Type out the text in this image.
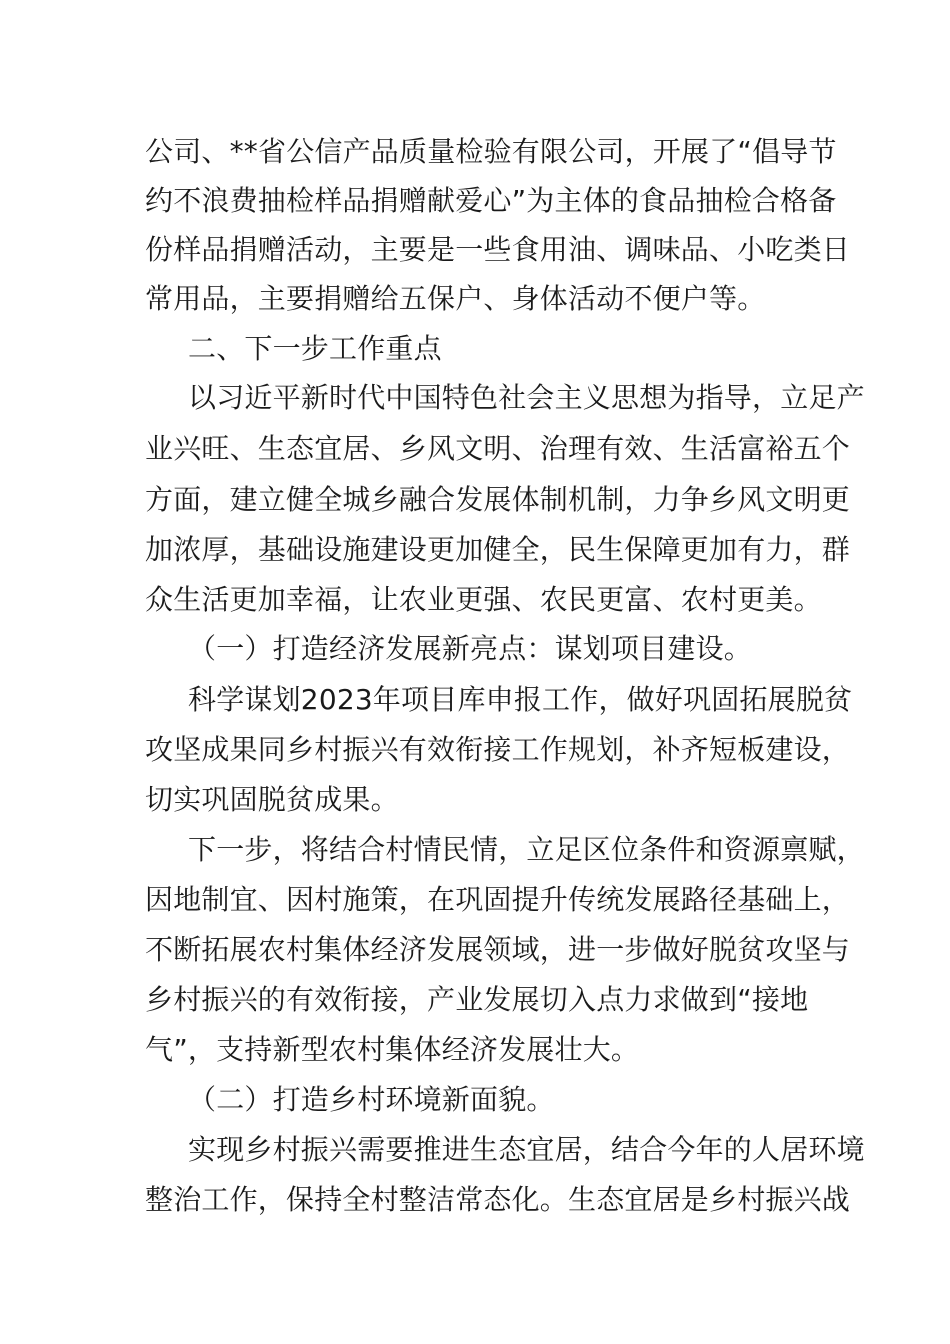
公司、**省公信产品质量检验有限公司，开展了“倡导节

约不浪费抽检样品捐赠献爱心”为主体的食品抽检合格备

份样品捐赠活动，主要是一些食用油、调味品、小吃类日

常用品，主要捐赠给五保户、身体活动不便户等。

二、下一步工作重点

以习近平新时代中国特色社会主义思想为指导，立足产

业兴旺、生态宜居、乡风文明、治理有效、生活富裕五个

方面，建立健全城乡融合发展体制机制，力争乡风文明更

加浓厚，基础设施建设更加健全，民生保障更加有力，群

众生活更加幸福，让农业更强、农民更富、农村更美。

（一）打造经济发展新亮点：谋划项目建设。

科学谋划2023年项目库申报工作，做好巩固拓展脱贫

攻坚成果同乡村振兴有效衔接工作规划，补齐短板建设，

切实巩固脱贫成果。

下一步，将结合村情民情，立足区位条件和资源禀赋，

因地制宜、因村施策，在巩固提升传统发展路径基础上，

不断拓展农村集体经济发展领域，进一步做好脱贫攻坚与

乡村振兴的有效衔接，产业发展切入点力求做到“接地

气”，支持新型农村集体经济发展壮大。

（二）打造乡村环境新面貌。

实现乡村振兴需要推进生态宜居，结合今年的人居环境

整治工作，保持全村整洁常态化。生态宜居是乡村振兴战
